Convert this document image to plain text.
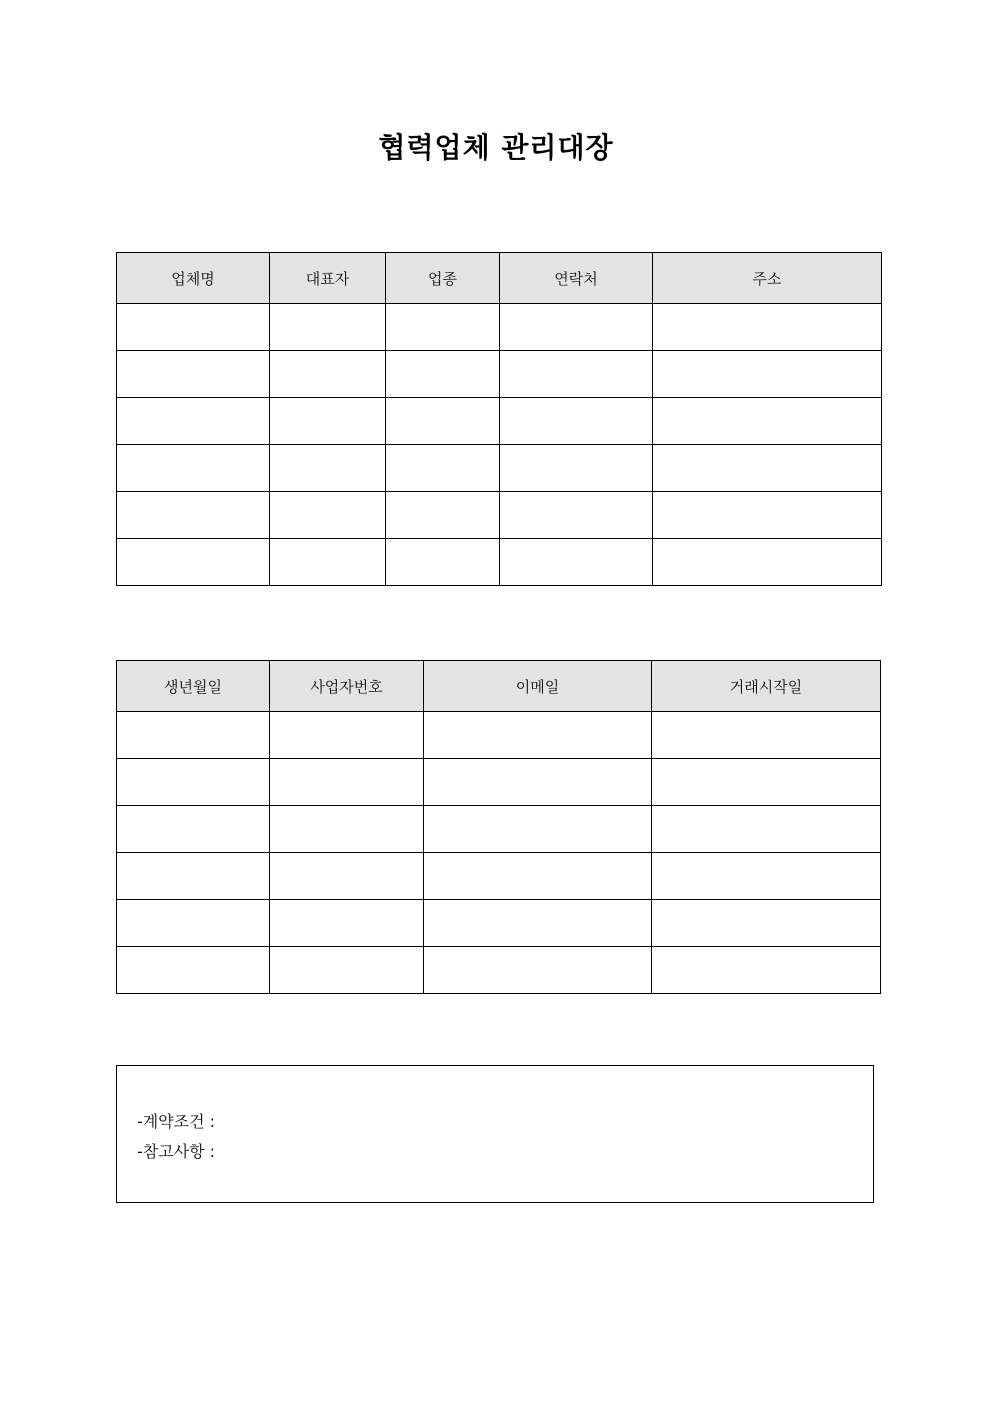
협력업체 관리대장
업체명	대표자	업종	연락처	주소

생년월일	사업자번호	이메일	거래시작일

-계약조건 :
-참고사항 :
